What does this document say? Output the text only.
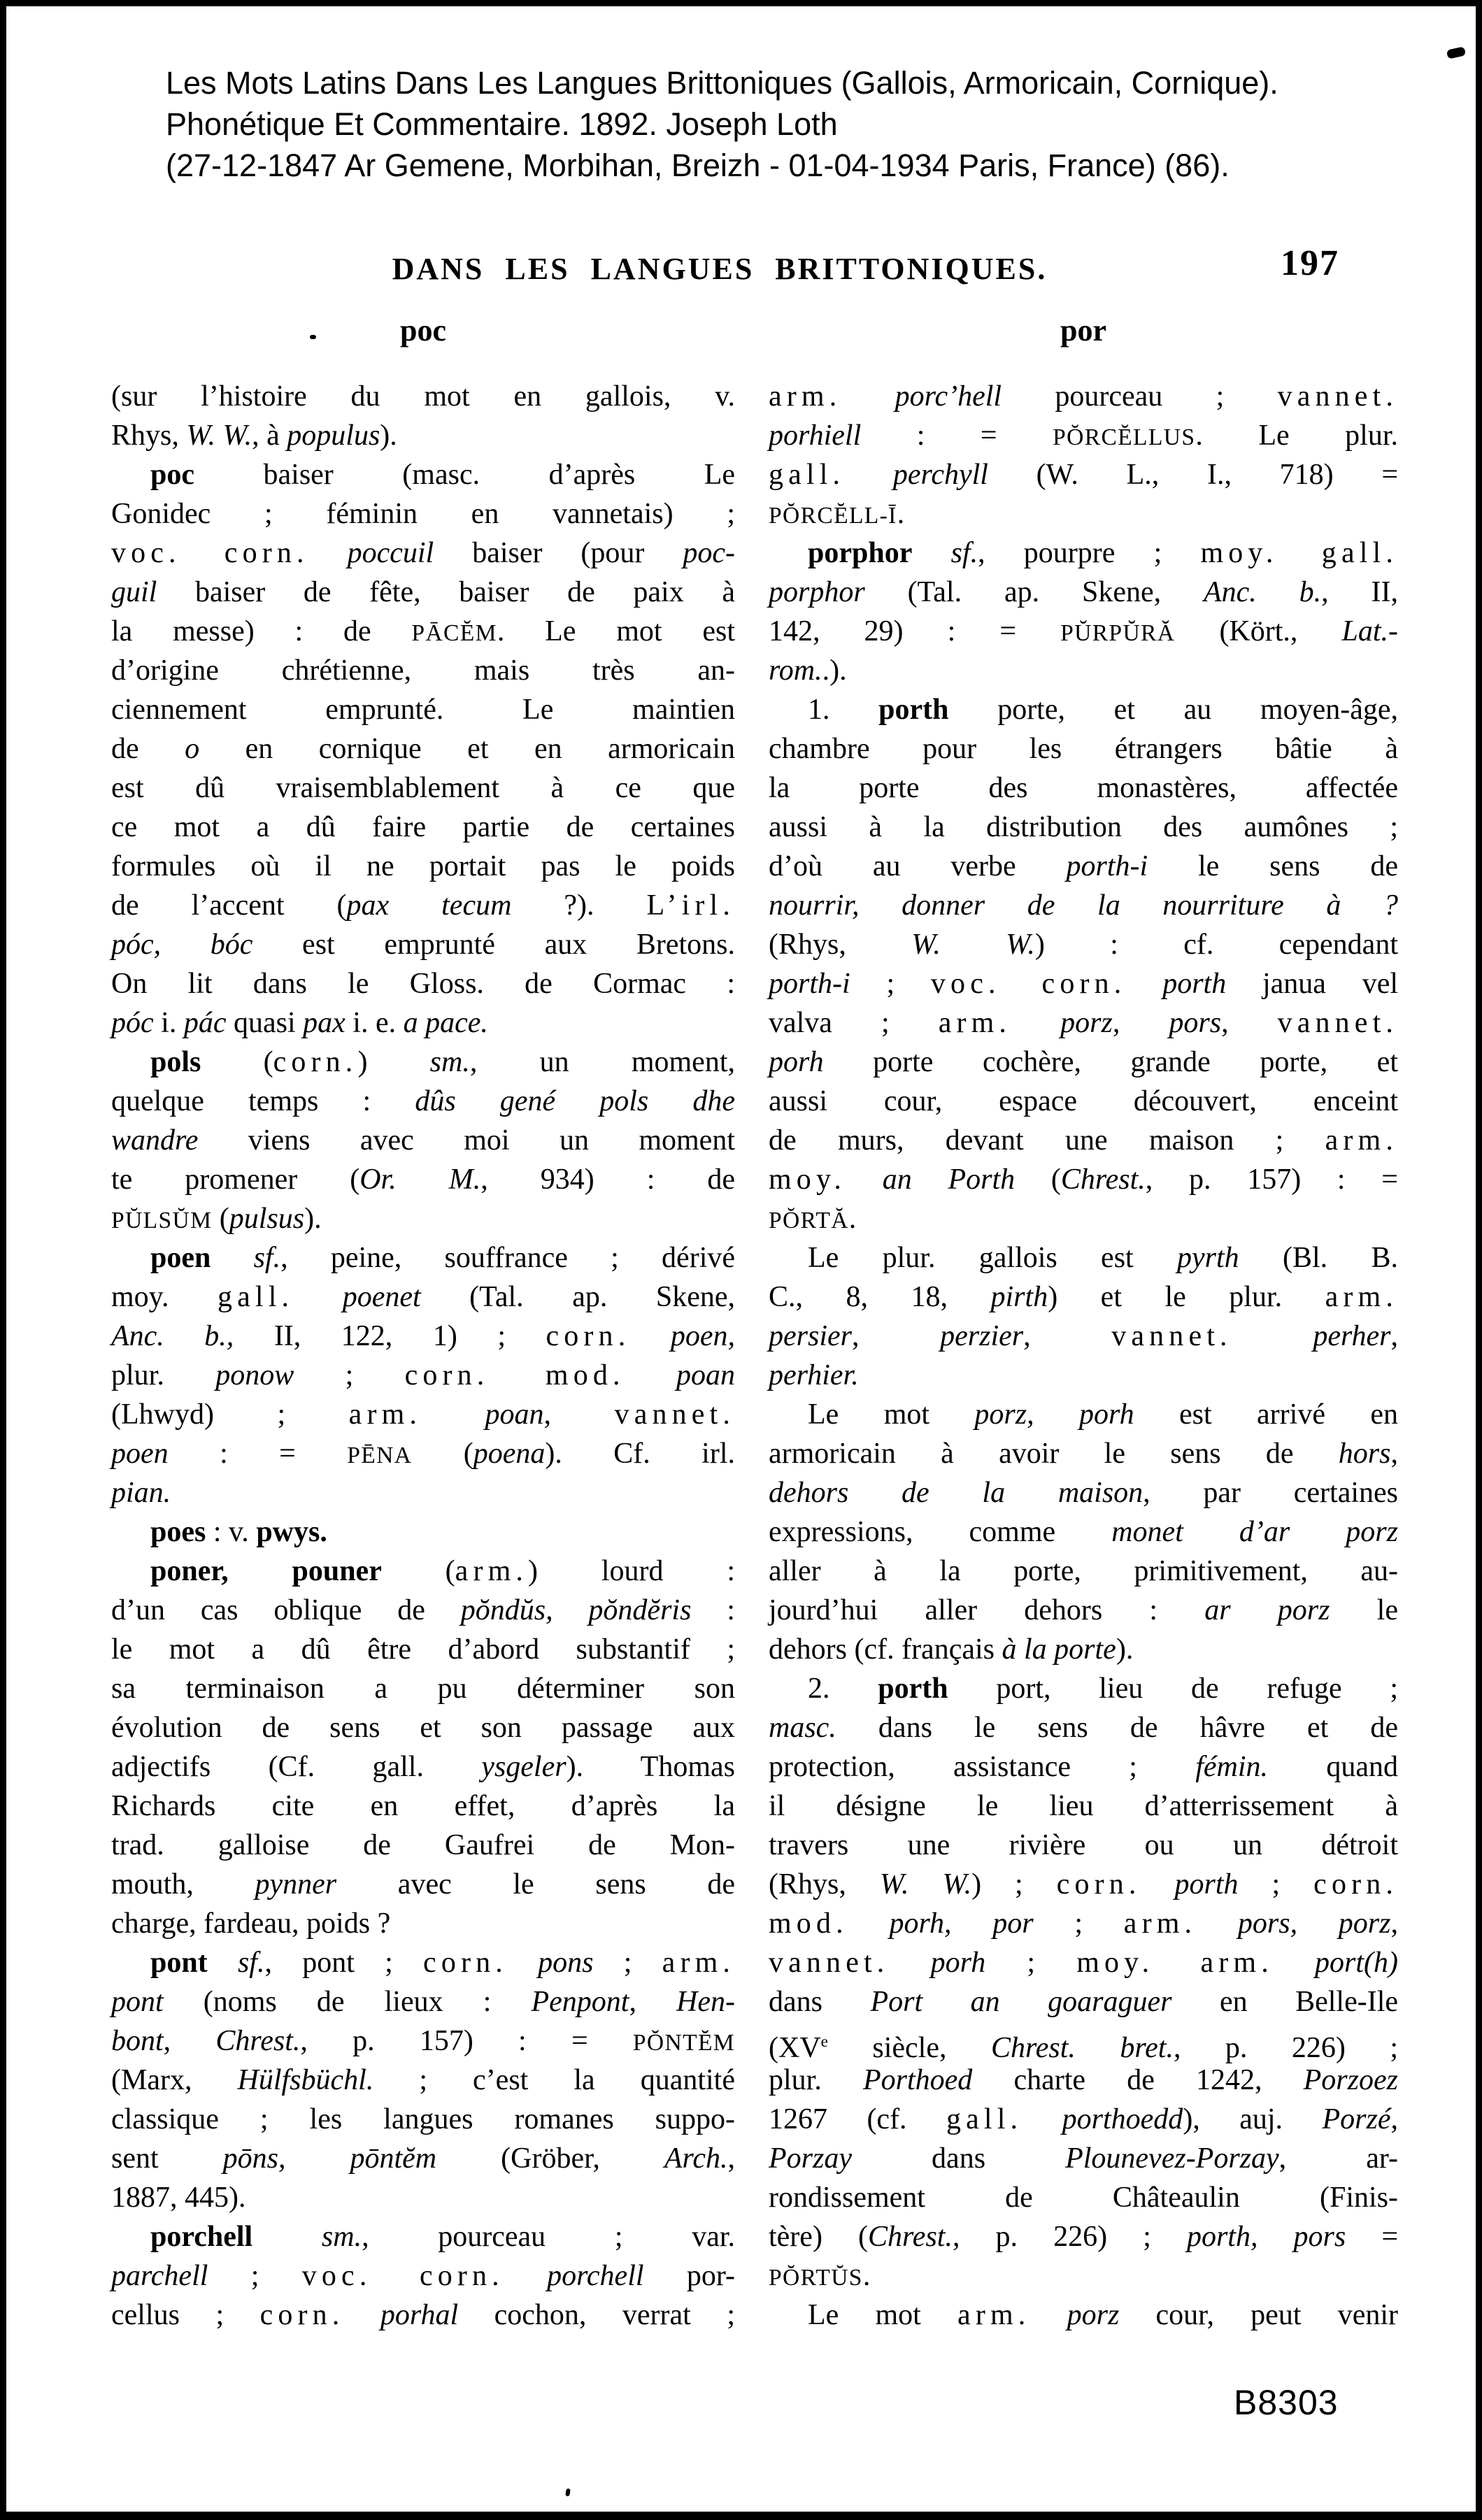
Les Mots Latins Dans Les Langues Brittoniques (Gallois, Armoricain, Cornique).
Phonétique Et Commentaire. 1892. Joseph Loth
(27-12-1847 Ar Gemene, Morbihan, Breizh - 01-04-1934 Paris, France) (86).
DANS LES LANGUES BRITTONIQUES.	197
poc	por
(sur l’histoire du mot en gallois, v.
Rhys, W. W., à populus).
poc baiser (masc. d’après Le
Gonidec ; féminin en vannetais) ;
voc. corn. poccuil baiser (pour poc-
guil baiser de fête, baiser de paix à
la messe) : de PĀCĔM. Le mot est
d’origine chrétienne, mais très an-
ciennement emprunté. Le maintien
de o en cornique et en armoricain
est dû vraisemblablement à ce que
ce mot a dû faire partie de certaines
formules où il ne portait pas le poids
de l’accent (pax tecum ?). L’irl.
póc, bóc est emprunté aux Bretons.
On lit dans le Gloss. de Cormac :
póc i. pác quasi pax i. e. a pace.
pols (corn.) sm., un moment,
quelque temps : dûs gené pols dhe
wandre viens avec moi un moment
te promener (Or. M., 934) : de
PŬLSŬM (pulsus).
poen sf., peine, souffrance ; dérivé
moy. gall. poenet (Tal. ap. Skene,
Anc. b., II, 122, 1) ; corn. poen,
plur. ponow ; corn. mod. poan
(Lhwyd) ; arm. poan, vannet.
poen : = PĒNA (poena). Cf. irl.
pian.
poes : v. pwys.
poner, pouner (arm.) lourd :
d’un cas oblique de pŏndŭs, pŏndĕris :
le mot a dû être d’abord substantif ;
sa terminaison a pu déterminer son
évolution de sens et son passage aux
adjectifs (Cf. gall. ysgeler). Thomas
Richards cite en effet, d’après la
trad. galloise de Gaufrei de Mon-
mouth, pynner avec le sens de
charge, fardeau, poids ?
pont sf., pont ; corn. pons ; arm.
pont (noms de lieux : Penpont, Hen-
bont, Chrest., p. 157) : = PŎNTĔM
(Marx, Hülfsbüchl. ; c’est la quantité
classique ; les langues romanes suppo-
sent pōns, pōntĕm (Gröber, Arch.,
1887, 445).
porchell sm., pourceau ; var.
parchell ; voc. corn. porchell por-
cellus ; corn. porhal cochon, verrat ;
arm. porc’hell pourceau ; vannet.
porhiell : = PŎRCĔLLUS. Le plur.
gall. perchyll (W. L., I., 718) =
PŎRCĔLL-Ī.
porphor sf., pourpre ; moy. gall.
porphor (Tal. ap. Skene, Anc. b., II,
142, 29) : = PŬRPŬRĂ (Kört., Lat.-
rom..).
1. porth porte, et au moyen-âge,
chambre pour les étrangers bâtie à
la porte des monastères, affectée
aussi à la distribution des aumônes ;
d’où au verbe porth-i le sens de
nourrir, donner de la nourriture à ?
(Rhys, W. W.) : cf. cependant
porth-i ; voc. corn. porth janua vel
valva ; arm. porz, pors, vannet.
porh porte cochère, grande porte, et
aussi cour, espace découvert, enceint
de murs, devant une maison ; arm.
moy. an Porth (Chrest., p. 157) : =
PŎRTĂ.
Le plur. gallois est pyrth (Bl. B.
C., 8, 18, pirth) et le plur. arm.
persier, perzier, vannet.	perher,
perhier.
Le mot porz, porh est arrivé en
armoricain à avoir le sens de hors,
dehors de la maison, par certaines
expressions, comme monet d’ar porz
aller à la porte, primitivement, au-
jourd’hui aller dehors : ar porz le
dehors (cf. français à la porte).
2. porth port, lieu de refuge ;
masc. dans le sens de hâvre et de
protection, assistance ; fémin. quand
il désigne le lieu d’atterrissement à
travers une rivière ou un détroit
(Rhys, W. W.) ; corn. porth ; corn.
mod. porh, por ; arm. pors, porz,
vannet. porh ; moy. arm. port(h)
dans Port an goaraguer en Belle-Ile
(XVe siècle, Chrest. bret., p. 226) ;
plur. Porthoed charte de 1242, Porzoez
1267 (cf. gall. porthoedd), auj. Porzé,
Porzay dans Plounevez-Porzay, ar-
rondissement de Châteaulin (Finis-
tère) (Chrest., p. 226) ; porth, pors =
PŎRTŬS.
Le mot arm. porz cour, peut venir
B8303
